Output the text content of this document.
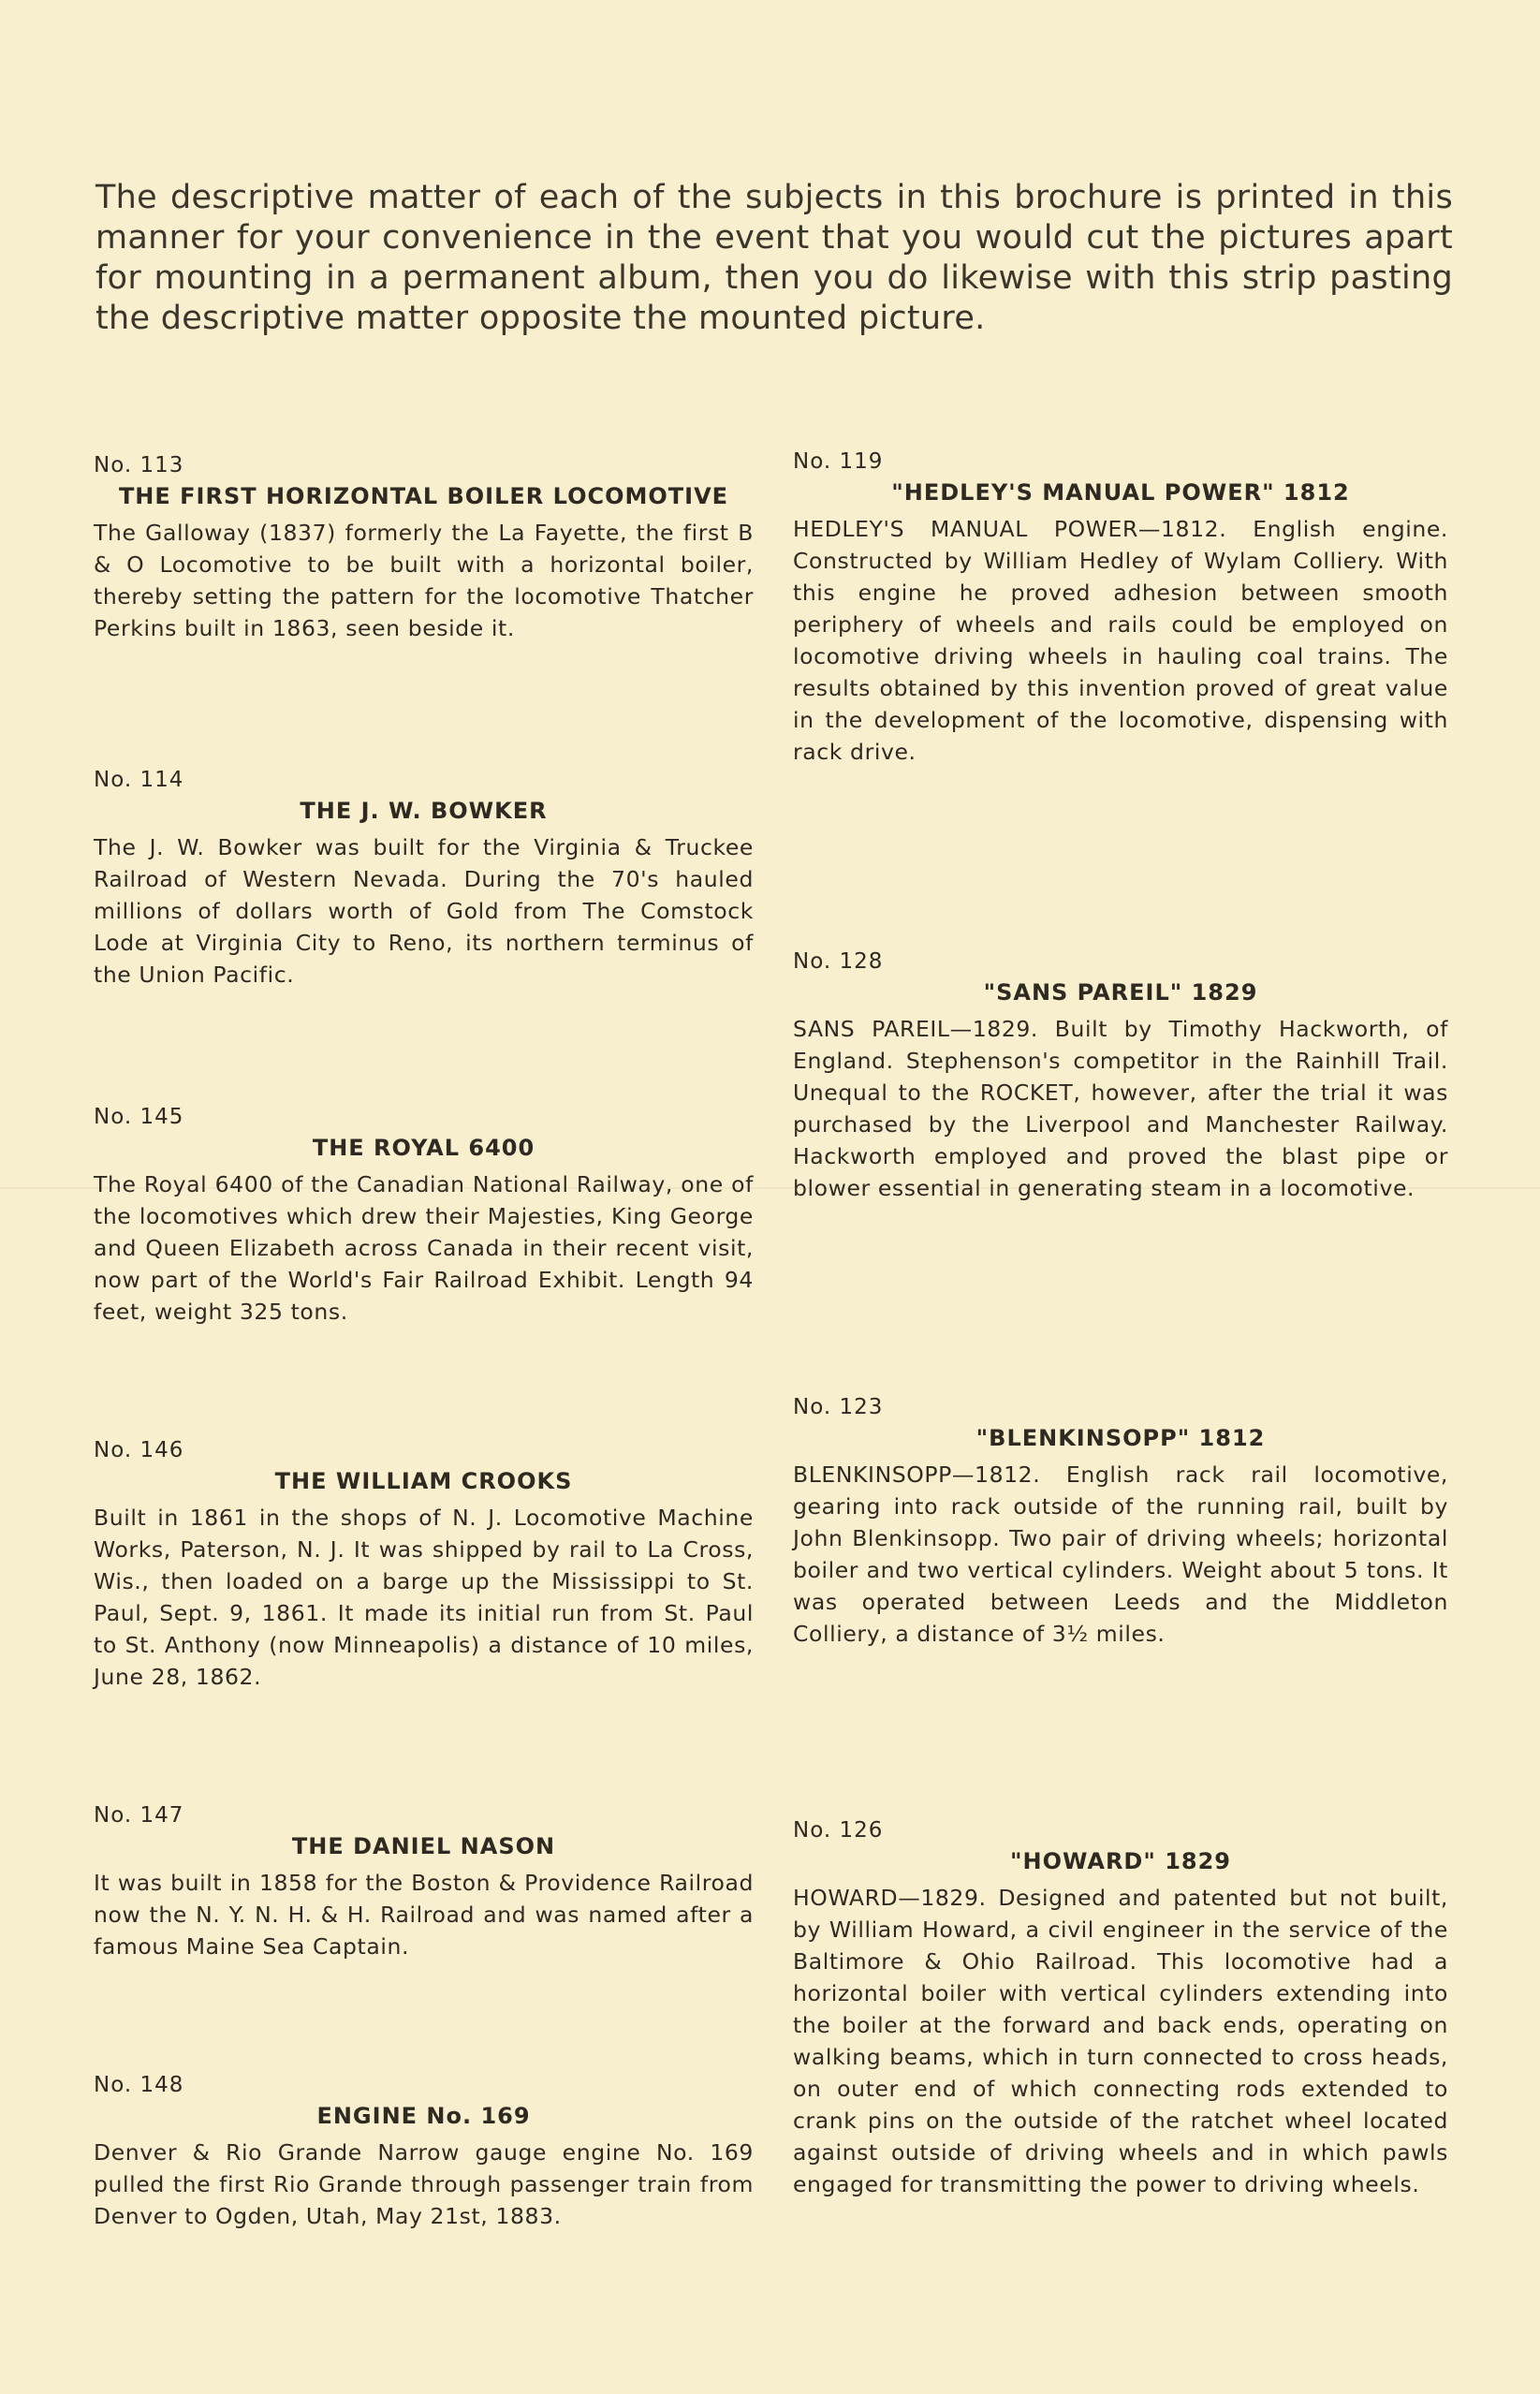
The descriptive matter of each of the subjects in this brochure is printed in this manner for your convenience in the event that you would cut the pictures apart for mounting in a permanent album, then you do likewise with this strip pasting the descriptive matter opposite the mounted picture.

No. 113
THE FIRST HORIZONTAL BOILER LOCOMOTIVE
The Galloway (1837) formerly the La Fayette, the first B & O Locomotive to be built with a horizontal boiler, thereby setting the pattern for the locomotive Thatcher Perkins built in 1863, seen beside it.
No. 114
THE J. W. BOWKER
The J. W. Bowker was built for the Virginia & Truckee Railroad of Western Nevada. During the 70's hauled millions of dollars worth of Gold from The Comstock Lode at Virginia City to Reno, its northern terminus of the Union Pacific.
No. 145
THE ROYAL 6400
The Royal 6400 of the Canadian National Railway, one of the locomotives which drew their Majesties, King George and Queen Elizabeth across Canada in their recent visit, now part of the World's Fair Railroad Exhibit. Length 94 feet, weight 325 tons.
No. 146
THE WILLIAM CROOKS
Built in 1861 in the shops of N. J. Locomotive Machine Works, Paterson, N. J. It was shipped by rail to La Cross, Wis., then loaded on a barge up the Mississippi to St. Paul, Sept. 9, 1861. It made its initial run from St. Paul to St. Anthony (now Minneapolis) a distance of 10 miles, June 28, 1862.
No. 147
THE DANIEL NASON
It was built in 1858 for the Boston & Providence Railroad now the N. Y. N. H. & H. Railroad and was named after a famous Maine Sea Captain.
No. 148
ENGINE No. 169
Denver & Rio Grande Narrow gauge engine No. 169 pulled the first Rio Grande through passenger train from Denver to Ogden, Utah, May 21st, 1883.
No. 119
"HEDLEY'S MANUAL POWER" 1812
HEDLEY'S MANUAL POWER—1812. English engine. Constructed by William Hedley of Wylam Colliery. With this engine he proved adhesion between smooth periphery of wheels and rails could be employed on locomotive driving wheels in hauling coal trains. The results obtained by this invention proved of great value in the development of the locomotive, dispensing with rack drive.
No. 128
"SANS PAREIL" 1829
SANS PAREIL—1829. Built by Timothy Hackworth, of England. Stephenson's competitor in the Rainhill Trail. Unequal to the ROCKET, however, after the trial it was purchased by the Liverpool and Manchester Railway. Hackworth employed and proved the blast pipe or blower essential in generating steam in a locomotive.
No. 123
"BLENKINSOPP" 1812
BLENKINSOPP—1812. English rack rail locomotive, gearing into rack outside of the running rail, built by John Blenkinsopp. Two pair of driving wheels; horizontal boiler and two vertical cylinders. Weight about 5 tons. It was operated between Leeds and the Middleton Colliery, a distance of 3½ miles.
No. 126
"HOWARD" 1829
HOWARD—1829. Designed and patented but not built, by William Howard, a civil engineer in the service of the Baltimore & Ohio Railroad. This locomotive had a horizontal boiler with vertical cylinders extending into the boiler at the forward and back ends, operating on walking beams, which in turn connected to cross heads, on outer end of which connecting rods extended to crank pins on the outside of the ratchet wheel located against outside of driving wheels and in which pawls engaged for transmitting the power to driving wheels.
